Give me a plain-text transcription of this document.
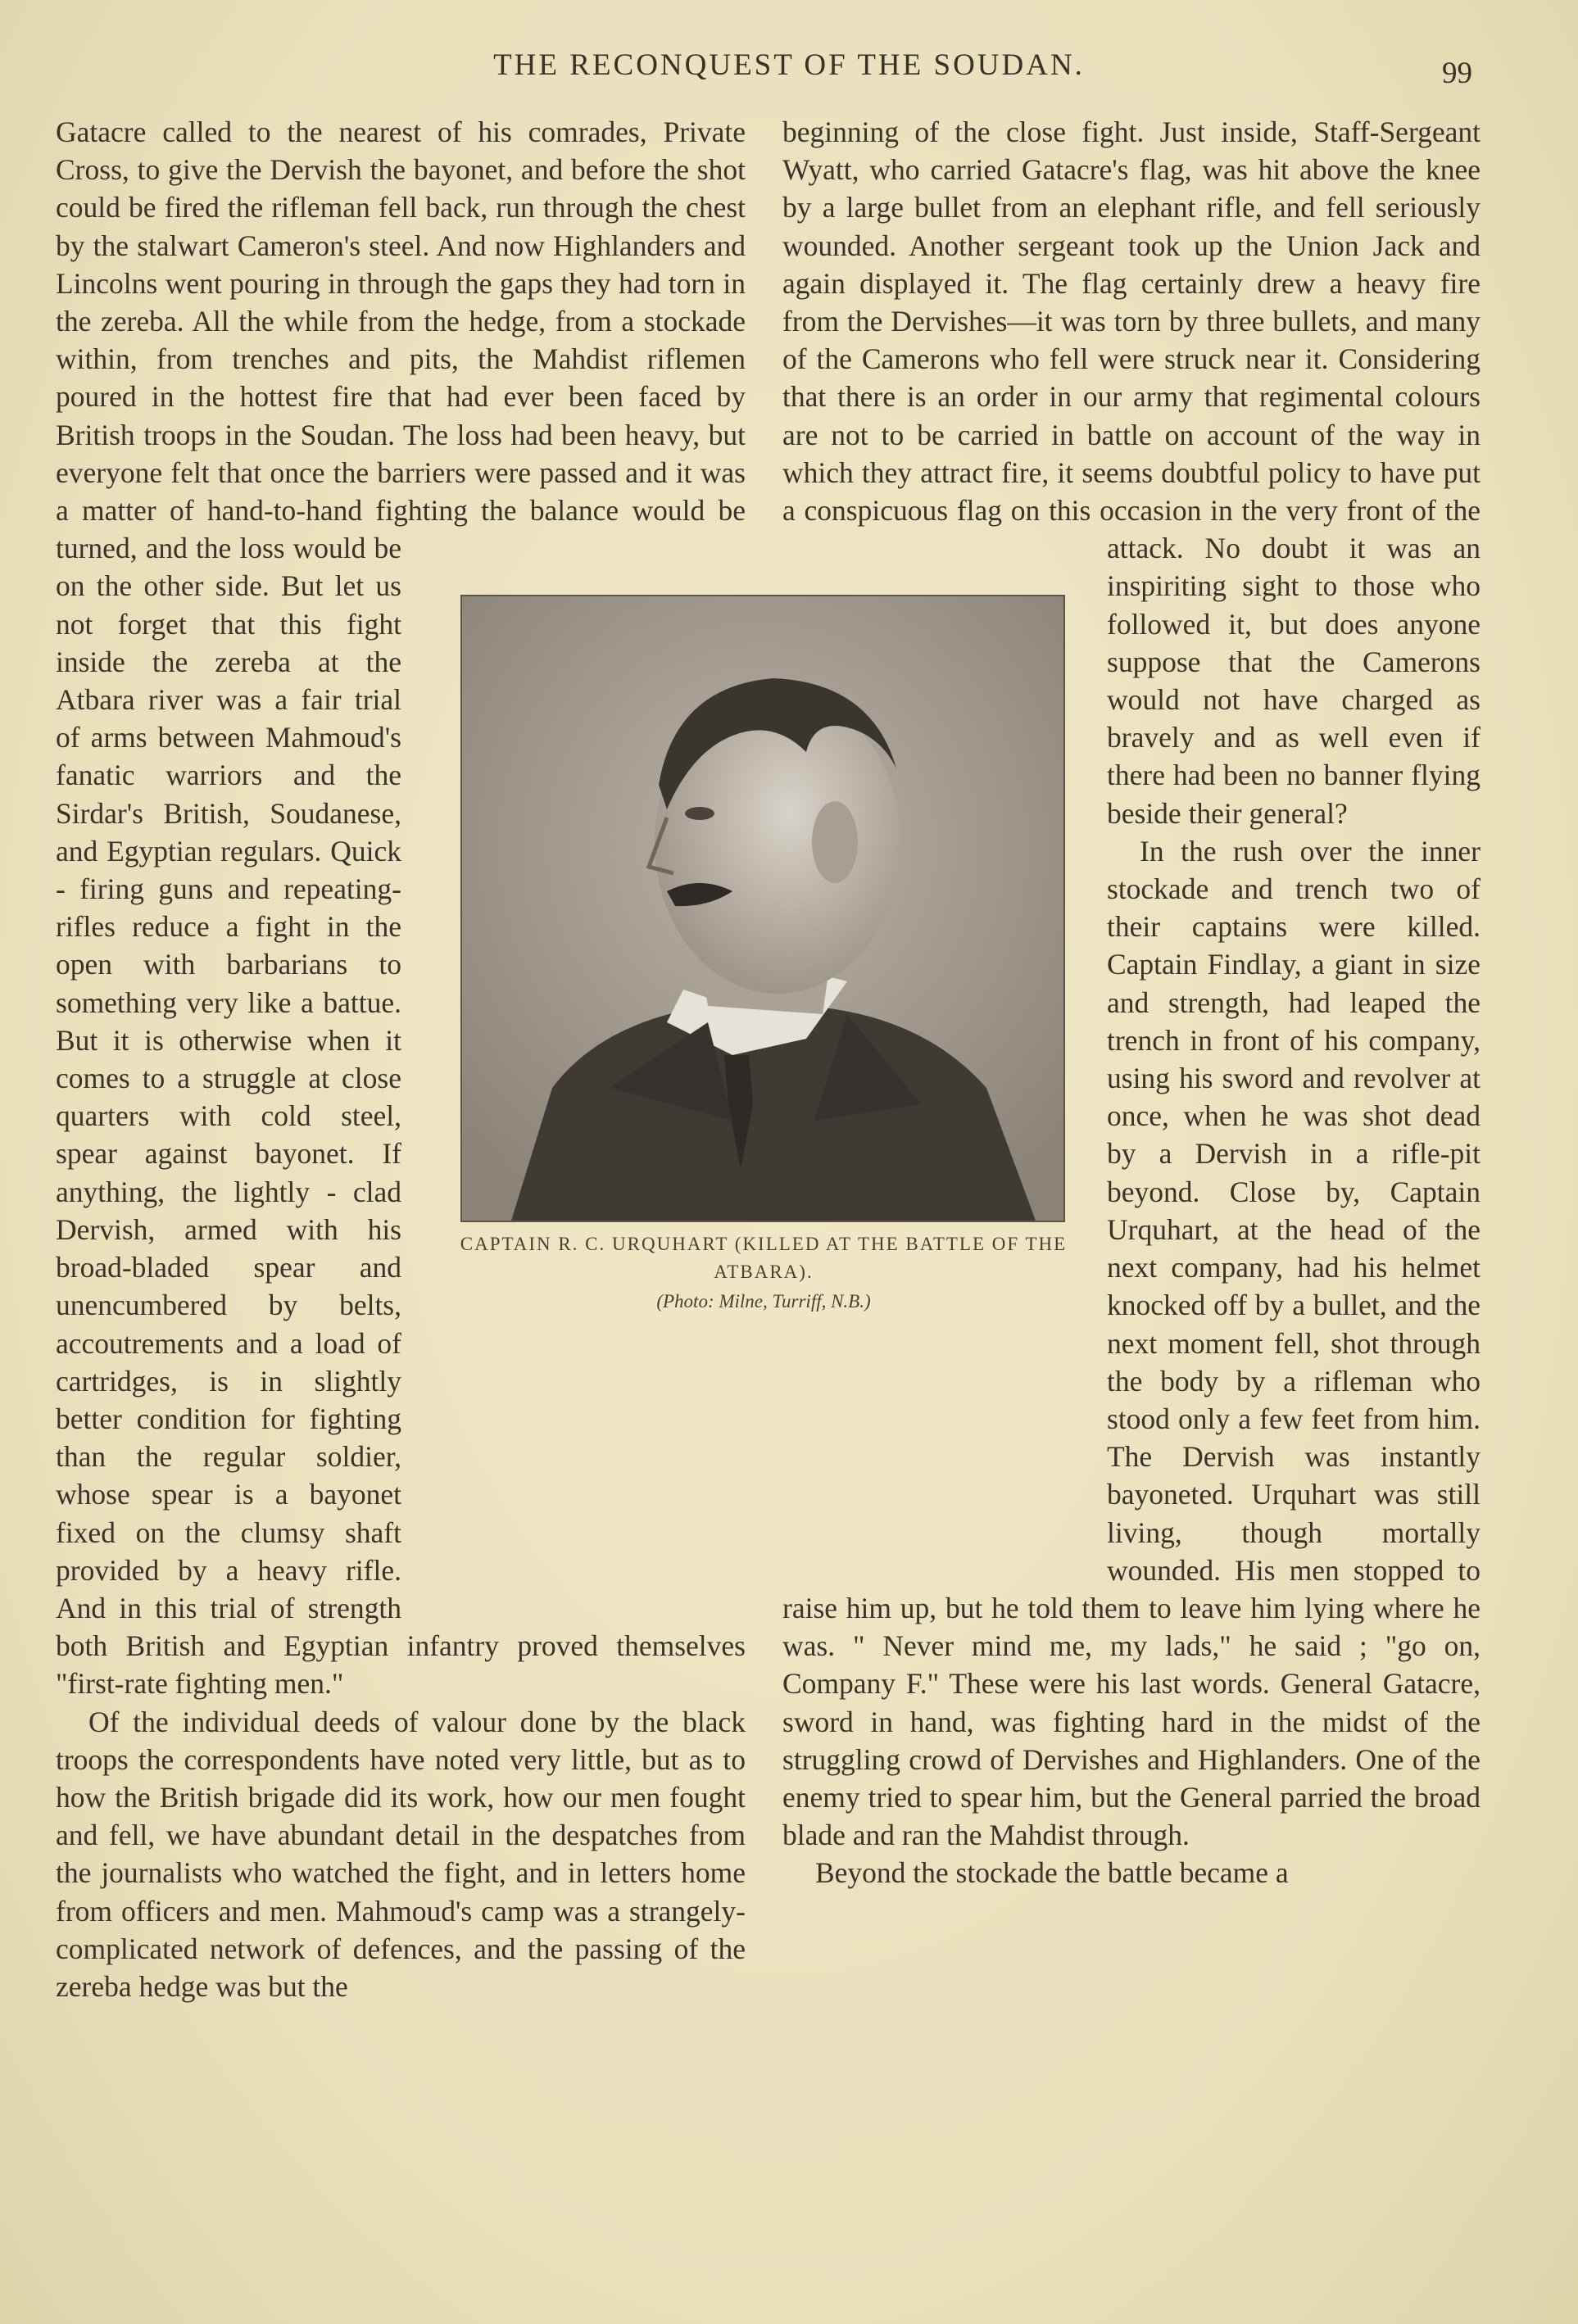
THE RECONQUEST OF THE SOUDAN.	99

Gatacre called to the nearest of his comrades, Private Cross, to give the Dervish the bayonet, and before the shot could be fired the rifleman fell back, run through the chest by the stalwart Cameron's steel. And now Highlanders and Lincolns went pouring in through the gaps they had torn in the zereba. All the while from the hedge, from a stockade within, from trenches and pits, the Mahdist riflemen poured in the hottest fire that had ever been faced by British troops in the Soudan. The loss had been heavy, but everyone felt that once the barriers were passed and it was a matter of hand-to-hand fighting the balance would be turned, and the loss would be on the other side. But let us not forget that this fight inside the zereba at the Atbara river was a fair trial of arms between Mahmoud's fanatic warriors and the Sirdar's British, Soudanese, and Egyptian regulars. Quick - firing guns and repeating-rifles reduce a fight in the open with barbarians to something very like a battue. But it is otherwise when it comes to a struggle at close quarters with cold steel, spear against bayonet. If anything, the lightly - clad Dervish, armed with his broad-bladed spear and unencumbered by belts, accoutrements and a load of cartridges, is in slightly better condition for fighting than the regular soldier, whose spear is a bayonet fixed on the clumsy shaft provided by a heavy rifle. And in this trial of strength both British and Egyptian infantry proved themselves "first-rate fighting men."

Of the individual deeds of valour done by the black troops the correspondents have noted very little, but as to how the British brigade did its work, how our men fought and fell, we have abundant detail in the despatches from the journalists who watched the fight, and in letters home from officers and men. Mahmoud's camp was a strangely-complicated network of defences, and the passing of the zereba hedge was but the

beginning of the close fight. Just inside, Staff-Sergeant Wyatt, who carried Gatacre's flag, was hit above the knee by a large bullet from an elephant rifle, and fell seriously wounded. Another sergeant took up the Union Jack and again displayed it. The flag certainly drew a heavy fire from the Dervishes—it was torn by three bullets, and many of the Camerons who fell were struck near it. Considering that there is an order in our army that regimental colours are not to be carried in battle on account of the way in which they attract fire, it seems doubtful policy to have put a conspicuous flag on this occasion in the very front of the attack. No doubt it was an inspiriting sight to those who followed it, but does anyone suppose that the Camerons would not have charged as bravely and as well even if there had been no banner flying beside their general?

In the rush over the inner stockade and trench two of their captains were killed. Captain Findlay, a giant in size and strength, had leaped the trench in front of his company, using his sword and revolver at once, when he was shot dead by a Dervish in a rifle-pit beyond. Close by, Captain Urquhart, at the head of the next company, had his helmet knocked off by a bullet, and the next moment fell, shot through the body by a rifleman who stood only a few feet from him. The Dervish was instantly bayoneted. Urquhart was still living, though mortally wounded. His men stopped to raise him up, but he told them to leave him lying where he was. " Never mind me, my lads," he said ; "go on, Company F." These were his last words. General Gatacre, sword in hand, was fighting hard in the midst of the struggling crowd of Dervishes and Highlanders. One of the enemy tried to spear him, but the General parried the broad blade and ran the Mahdist through.

Beyond the stockade the battle became a

CAPTAIN R. C. URQUHART (KILLED AT THE BATTLE OF THE ATBARA).
(Photo: Milne, Turriff, N.B.)
